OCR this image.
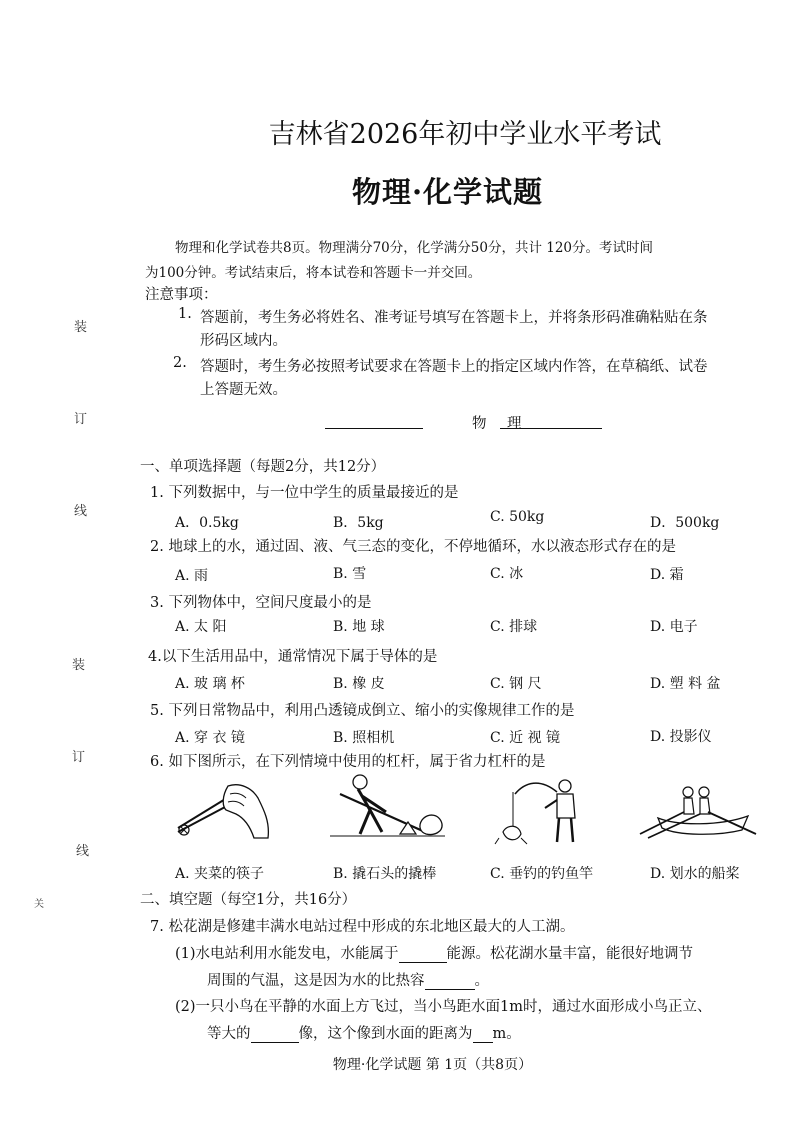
吉林省2026年初中学业水平考试
物理·化学试题
物理和化学试卷共8页。物理满分70分，化学满分50分，共计 120分。考试时间
为100分钟。考试结束后，将本试卷和答题卡一并交回。
注意事项：
1. 答题前，考生务必将姓名、准考证号填写在答题卡上，并将条形码准确粘贴在条
形码区域内。
2. 答题时，考生务必按照考试要求在答题卡上的指定区域内作答，在草稿纸、试卷
上答题无效。
装
订
线
装
订
线
关
物 理
一、单项选择题（每题2分，共12分）
1. 下列数据中，与一位中学生的质量最接近的是
A．0.5kg	B．5kg	C. 50kg	D．500kg
2. 地球上的水，通过固、液、气三态的变化，不停地循环，水以液态形式存在的是
A. 雨	B. 雪	C. 冰	D. 霜
3. 下列物体中，空间尺度最小的是
A. 太 阳	B. 地 球	C. 排球	D. 电子
4.以下生活用品中，通常情况下属于导体的是
A. 玻 璃 杯	B. 橡 皮	C. 钢 尺	D. 塑 料 盆
5. 下列日常物品中，利用凸透镜成倒立、缩小的实像规律工作的是
A. 穿 衣 镜	B. 照相机	C. 近 视 镜	D. 投影仪
6. 如下图所示，在下列情境中使用的杠杆，属于省力杠杆的是
A. 夹菜的筷子	B. 撬石头的撬棒	C. 垂钓的钓鱼竿	D. 划水的船桨
二、填空题（每空1分，共16分）
7. 松花湖是修建丰满水电站过程中形成的东北地区最大的人工湖。
(1)水电站利用水能发电，水能属于	能源。松花湖水量丰富，能很好地调节
周围的气温，这是因为水的比热容	。
(2)一只小鸟在平静的水面上方飞过，当小鸟距水面1m时，通过水面形成小鸟正立、
等大的	像，这个像到水面的距离为 m。
物理·化学试题 第 1页（共8页）
